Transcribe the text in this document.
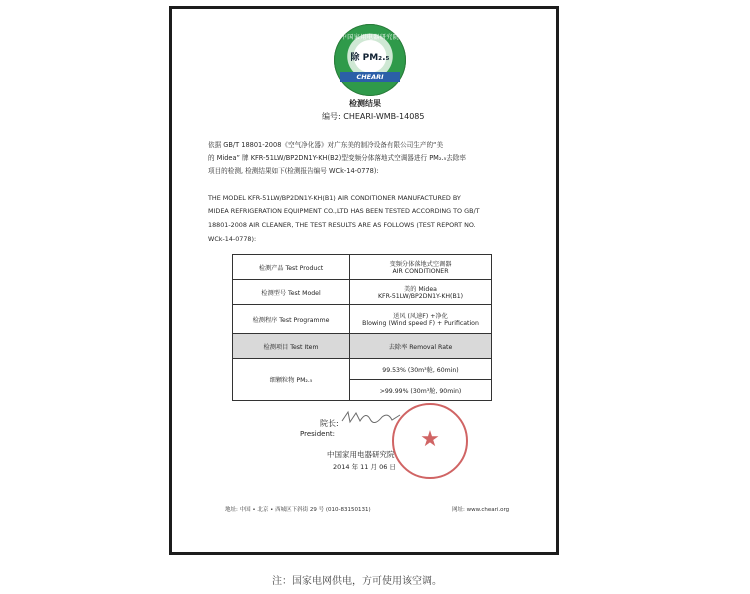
中国家用电器研究院
除 PM₂.₅
CHEARI
检测结果
编号: CHEARI-WMB-14085
依据 GB/T 18801-2008《空气净化器》对广东美的制冷设备有限公司生产的“美
的 Midea” 牌 KFR-51LW/BP2DN1Y-KH(B2)型变频分体落地式空调器进行 PM₂.₅去除率
项目的检测, 检测结果如下(检测报告编号 WCk-14-0778):
THE MODEL KFR-51LW/BP2DN1Y-KH(B1) AIR CONDITIONER MANUFACTURED BY
MIDEA REFRIGERATION EQUIPMENT CO.,LTD HAS BEEN TESTED ACCORDING TO GB/T
18801-2008 AIR CLEANER, THE TEST RESULTS ARE AS FOLLOWS (TEST REPORT NO.
WCk-14-0778):
检测产品 Test Product	变频分体落地式空调器
AIR CONDITIONER
检测型号 Test Model	美的 Midea
KFR-51LW/BP2DN1Y-KH(B1)
检测程序 Test Programme	送风 (风速F) +净化
Blowing (Wind speed F) + Purification
检测项目 Test Item	去除率 Removal Rate
细颗粒物 PM₂.₅	99.53% (30m³舱, 60min)
	>99.99% (30m³舱, 90min)
院长:
President:	★
中国家用电器研究院
2014 年 11 月 06 日
地址: 中国 • 北京 • 西城区下斜街 29 号 (010-83150131)	网址: www.cheari.org
注：国家电网供电，方可使用该空调。
